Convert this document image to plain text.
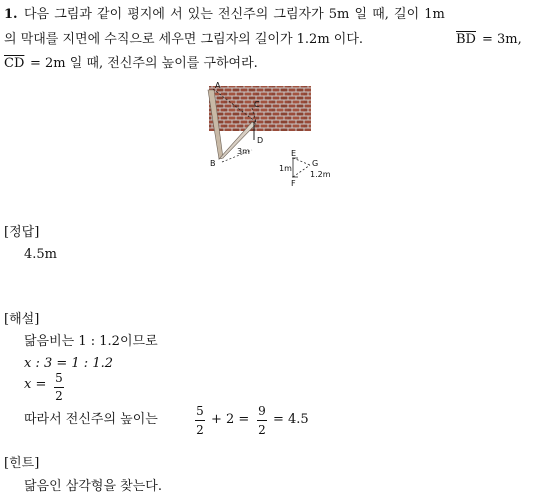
1. 다음 그림과 같이 평지에 서 있는 전신주의 그림자가 5m 일 때, 길이 1m
의 막대를 지면에 수직으로 세우면 그림자의 길이가 1.2m 이다.	$\overline{BD} = 3m$,
$\overline{CD} = 2m$ 일 때, 전신주의 높이를 구하여라.
A
C
D
B
3m	E
G
F
1m
1.2m
[정답]
4.5m
[해설]
닮음비는 1 : 1.2이므로
x : 3 = 1 : 1.2
x = 5
2
따라서 전신주의 높이는
5
2
+ 2 =
9
2
= 4.5
[힌트]
닮음인 삼각형을 찾는다.
